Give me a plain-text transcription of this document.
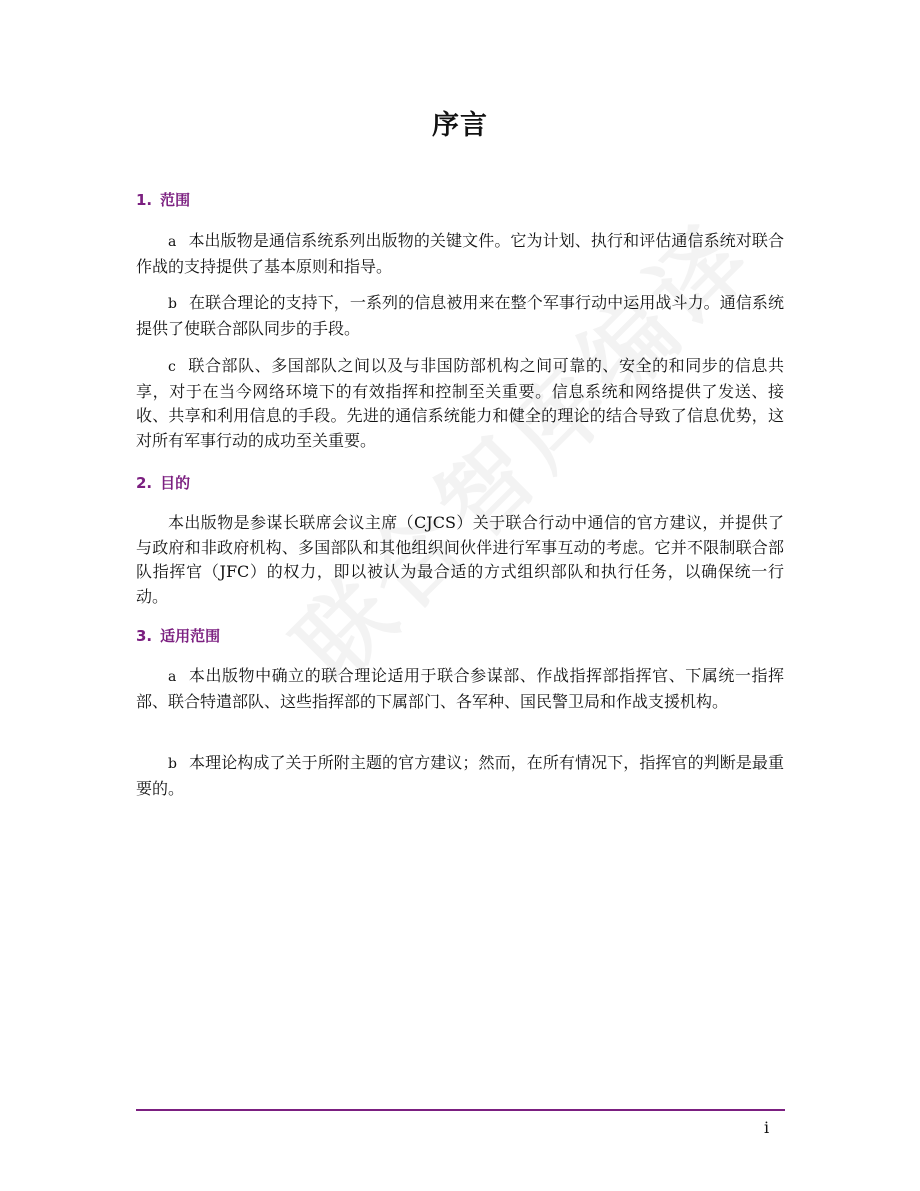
序言
1. 范围
a 本出版物是通信系统系列出版物的关键文件。它为计划、执行和评估通信系统对联合作战的支持提供了基本原则和指导。
b 在联合理论的支持下，一系列的信息被用来在整个军事行动中运用战斗力。通信系统提供了使联合部队同步的手段。
c 联合部队、多国部队之间以及与非国防部机构之间可靠的、安全的和同步的信息共享，对于在当今网络环境下的有效指挥和控制至关重要。信息系统和网络提供了发送、接收、共享和利用信息的手段。先进的通信系统能力和健全的理论的结合导致了信息优势，这对所有军事行动的成功至关重要。
2. 目的
本出版物是参谋长联席会议主席（CJCS）关于联合行动中通信的官方建议，并提供了与政府和非政府机构、多国部队和其他组织间伙伴进行军事互动的考虑。它并不限制联合部队指挥官（JFC）的权力，即以被认为最合适的方式组织部队和执行任务，以确保统一行动。
3. 适用范围
a 本出版物中确立的联合理论适用于联合参谋部、作战指挥部指挥官、下属统一指挥部、联合特遣部队、这些指挥部的下属部门、各军种、国民警卫局和作战支援机构。
b 本理论构成了关于所附主题的官方建议；然而，在所有情况下，指挥官的判断是最重要的。
i
